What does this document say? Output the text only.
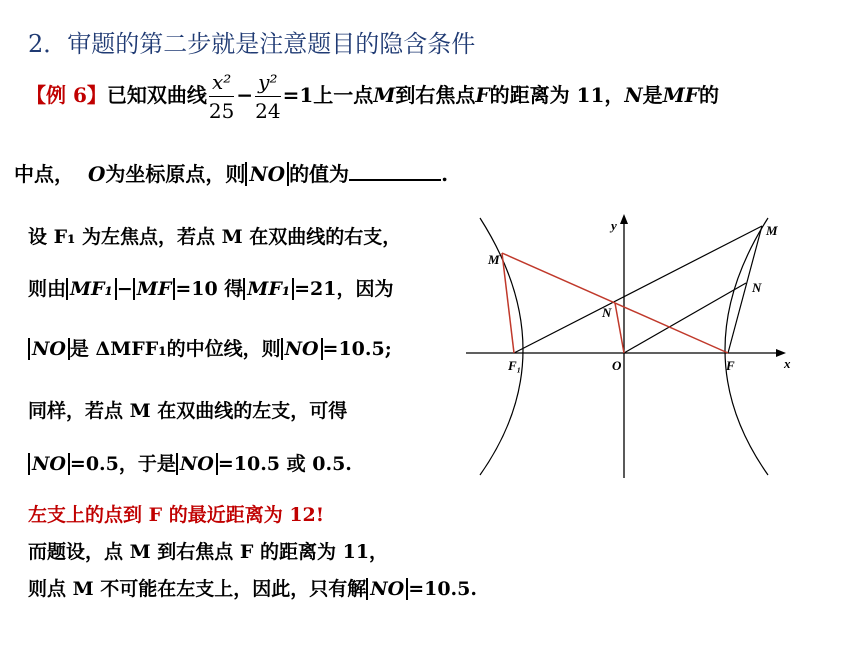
2．审题的第二步就是注意题目的隐含条件
【例 6】已知双曲线 $\frac{\text{x²}}{25} - \frac{\text{y²}}{24} =1$上一点M到右焦点F的距离为 11，N是MF的
中点， O为坐标原点，则 NO 的值为	.
设 F₁ 为左焦点，若点 M 在双曲线的右支，
则由 MF₁ − MF =10 得 MF₁ =21，因为
NO 是 ΔMFF₁的中位线，则 NO =10.5;
同样，若点 M 在双曲线的左支，可得
NO =0.5，于是 NO =10.5 或 0.5.
左支上的点到 F 的最近距离为 12!
而题设，点 M 到右焦点 F 的距离为 11，
则点 M 不可能在左支上，因此，只有解 NO =10.5.
y
x
M
M
N
N
O
F₁	F
